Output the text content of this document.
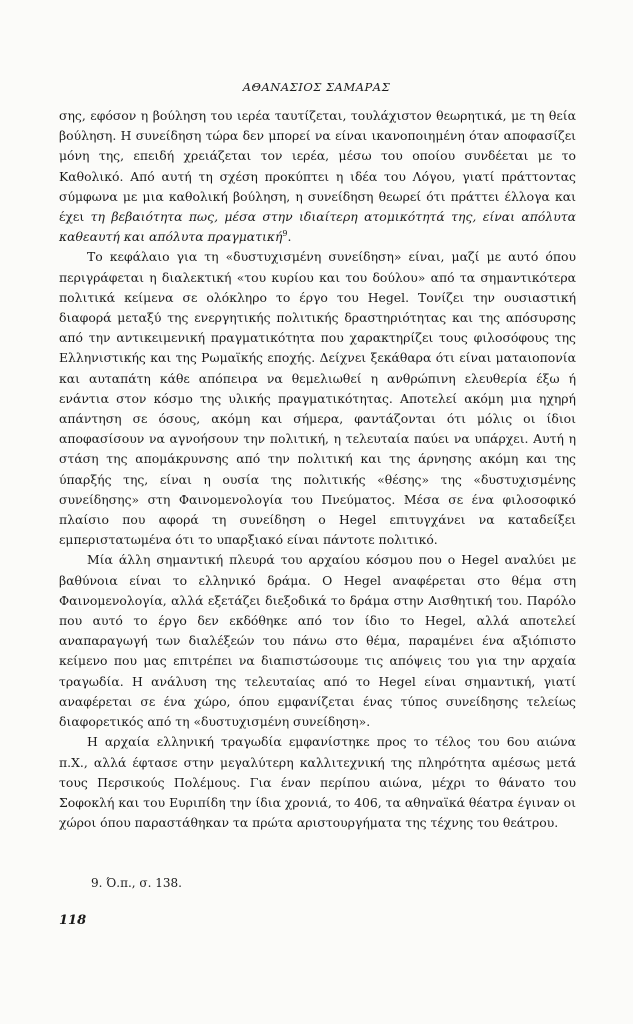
ΑΘΑΝΑΣΙΟΣ ΣΑΜΑΡΑΣ

σης, εφόσον η βούληση του ιερέα ταυτίζεται, τουλάχιστον θεωρητικά, με τη θεία βούληση. Η συνείδηση τώρα δεν μπορεί να είναι ικανοποιημένη όταν αποφασίζει μόνη της, επειδή χρειάζεται τον ιερέα, μέσω του οποίου συνδέεται με το Καθολικό. Από αυτή τη σχέση προκύπτει η ιδέα του Λόγου, γιατί πράττοντας σύμφωνα με μια καθολική βούληση, η συνείδηση θεωρεί ότι πράττει έλλογα και έχει τη βεβαιότητα πως, μέσα στην ιδιαίτερη ατομικότητά της, είναι απόλυτα καθεαυτή και απόλυτα πραγματική$^9$.

Το κεφάλαιο για τη «δυστυχισμένη συνείδηση» είναι, μαζί με αυτό όπου περιγράφεται η διαλεκτική «του κυρίου και του δούλου» από τα σημαντικότερα πολιτικά κείμενα σε ολόκληρο το έργο του Hegel. Τονίζει την ουσιαστική διαφορά μεταξύ της ενεργητικής πολιτικής δραστηριότητας και της απόσυρσης από την αντικειμενική πραγματικότητα που χαρακτηρίζει τους φιλοσόφους της Ελληνιστικής και της Ρωμαϊκής εποχής. Δείχνει ξεκάθαρα ότι είναι ματαιοπονία και αυταπάτη κάθε απόπειρα να θεμελιωθεί η ανθρώπινη ελευθερία έξω ή ενάντια στον κόσμο της υλικής πραγματικότητας. Αποτελεί ακόμη μια ηχηρή απάντηση σε όσους, ακόμη και σήμερα, φαντάζονται ότι μόλις οι ίδιοι αποφασίσουν να αγνοήσουν την πολιτική, η τελευταία παύει να υπάρχει. Αυτή η στάση της απομάκρυνσης από την πολιτική και της άρνησης ακόμη και της ύπαρξής της, είναι η ουσία της πολιτικής «θέσης» της «δυστυχισμένης συνείδησης» στη Φαινομενολογία του Πνεύματος. Μέσα σε ένα φιλοσοφικό πλαίσιο που αφορά τη συνείδηση ο Hegel επιτυγχάνει να καταδείξει εμπεριστατωμένα ότι το υπαρξιακό είναι πάντοτε πολιτικό.

Μία άλλη σημαντική πλευρά του αρχαίου κόσμου που ο Hegel αναλύει με βαθύνοια είναι το ελληνικό δράμα. Ο Hegel αναφέρεται στο θέμα στη Φαινομενολογία, αλλά εξετάζει διεξοδικά το δράμα στην Αισθητική του. Παρόλο που αυτό το έργο δεν εκδόθηκε από τον ίδιο το Hegel, αλλά αποτελεί αναπαραγωγή των διαλέξεών του πάνω στο θέμα, παραμένει ένα αξιόπιστο κείμενο που μας επιτρέπει να διαπιστώσουμε τις απόψεις του για την αρχαία τραγωδία. Η ανάλυση της τελευταίας από το Hegel είναι σημαντική, γιατί αναφέρεται σε ένα χώρο, όπου εμφανίζεται ένας τύπος συνείδησης τελείως διαφορετικός από τη «δυστυχισμένη συνείδηση».

Η αρχαία ελληνική τραγωδία εμφανίστηκε προς το τέλος του 6ου αιώνα π.Χ., αλλά έφτασε στην μεγαλύτερη καλλιτεχνική της πληρότητα αμέσως μετά τους Περσικούς Πολέμους. Για έναν περίπου αιώνα, μέχρι το θάνατο του Σοφοκλή και του Ευριπίδη την ίδια χρονιά, το 406, τα αθηναϊκά θέατρα έγιναν οι χώροι όπου παραστάθηκαν τα πρώτα αριστουργήματα της τέχνης του θεάτρου.

9. Ό.π., σ. 138.
118
